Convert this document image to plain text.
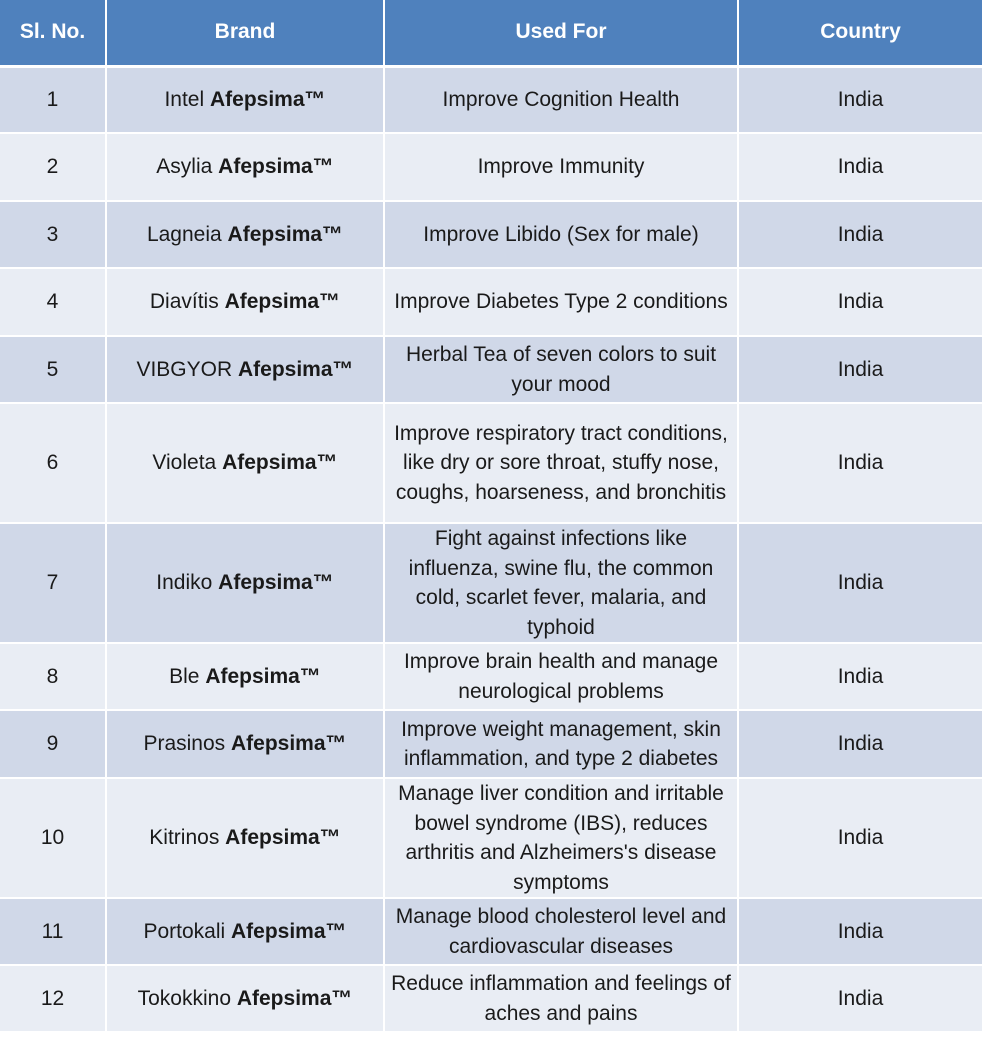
Sl. No.	Brand	Used For	Country
1	Intel Afepsima™	Improve Cognition Health	India
2	Asylia Afepsima™	Improve Immunity	India
3	Lagneia Afepsima™	Improve Libido (Sex for male)	India
4	Diavítis Afepsima™	Improve Diabetes Type 2 conditions	India
5	VIBGYOR Afepsima™	Herbal Tea of seven colors to suit your mood	India
6	Violeta Afepsima™	Improve respiratory tract conditions, like dry or sore throat, stuffy nose, coughs, hoarseness, and bronchitis	India
7	Indiko Afepsima™	Fight against infections like influenza, swine flu, the common cold, scarlet fever, malaria, and typhoid	India
8	Ble Afepsima™	Improve brain health and manage neurological problems	India
9	Prasinos Afepsima™	Improve weight management, skin inflammation, and type 2 diabetes	India
10	Kitrinos Afepsima™	Manage liver condition and irritable bowel syndrome (IBS), reduces arthritis and Alzheimers's disease symptoms	India
11	Portokali Afepsima™	Manage blood cholesterol level and cardiovascular diseases	India
12	Tokokkino Afepsima™	Reduce inflammation and feelings of aches and pains	India
